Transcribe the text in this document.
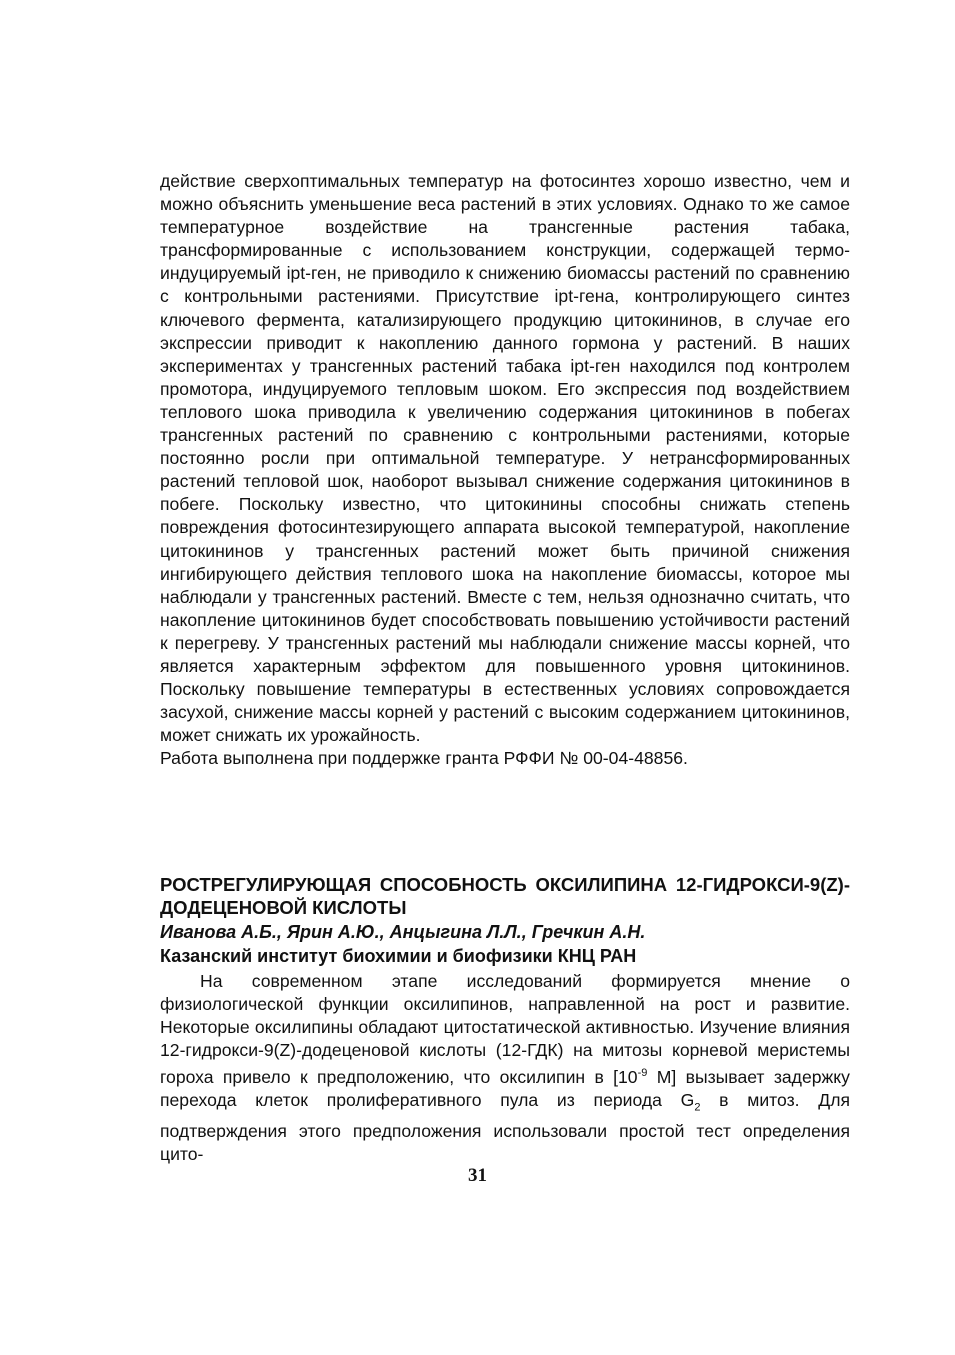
действие сверхоптимальных температур на фотосинтез хорошо известно, чем и можно объяснить уменьшение веса растений в этих условиях. Однако то же самое температурное воздействие на трансгенные растения табака, трансформированные с использованием конструкции, содержащей термо-индуцируемый ipt-ген, не приводило к снижению биомассы растений по сравнению с контрольными растениями. Присутствие ipt-гена, контролирующего синтез ключевого фермента, катализирующего продукцию цитокининов, в случае его экспрессии приводит к накоплению данного гормона у растений. В наших экспериментах у трансгенных растений табака ipt-ген находился под контролем промотора, индуцируемого тепловым шоком. Его экспрессия под воздействием теплового шока приводила к увеличению содержания цитокининов в побегах трансгенных растений по сравнению с контрольными растениями, которые постоянно росли при оптимальной температуре. У нетрансформированных растений тепловой шок, наоборот вызывал снижение содержания цитокининов в побеге. Поскольку известно, что цитокинины способны снижать степень повреждения фотосинтезирующего аппарата высокой температурой, накопление цитокининов у трансгенных растений может быть причиной снижения ингибирующего действия теплового шока на накопление биомассы, которое мы наблюдали у трансгенных растений. Вместе с тем, нельзя однозначно считать, что накопление цитокининов будет способствовать повышению устойчивости растений к перегреву. У трансгенных растений мы наблюдали снижение массы корней, что является характерным эффектом для повышенного уровня цитокининов. Поскольку повышение температуры в естественных условиях сопровождается засухой, снижение массы корней у растений с высоким содержанием цитокининов, может снижать их урожайность.

Работа выполнена при поддержке гранта РФФИ № 00-04-48856.

РОСТРЕГУЛИРУЮЩАЯ СПОСОБНОСТЬ ОКСИЛИПИНА 12-ГИДРОКСИ-9(Z)-ДОДЕЦЕНОВОЙ КИСЛОТЫ

Иванова А.Б., Ярин А.Ю., Анцыгина Л.Л., Гречкин А.Н.

Казанский институт биохимии и биофизики КНЦ РАН

На современном этапе исследований формируется мнение о физиологической функции оксилипинов, направленной на рост и развитие. Некоторые оксилипины обладают цитостатической активностью. Изучение влияния 12-гидрокси-9(Z)-додеценовой кислоты (12-ГДК) на митозы корневой меристемы гороха привело к предположению, что оксилипин в [$10^{-9}$ М] вызывает задержку перехода клеток пролиферативного пула из периода $G_2$ в митоз. Для подтверждения этого предположения использовали простой тест определения цито-

31
